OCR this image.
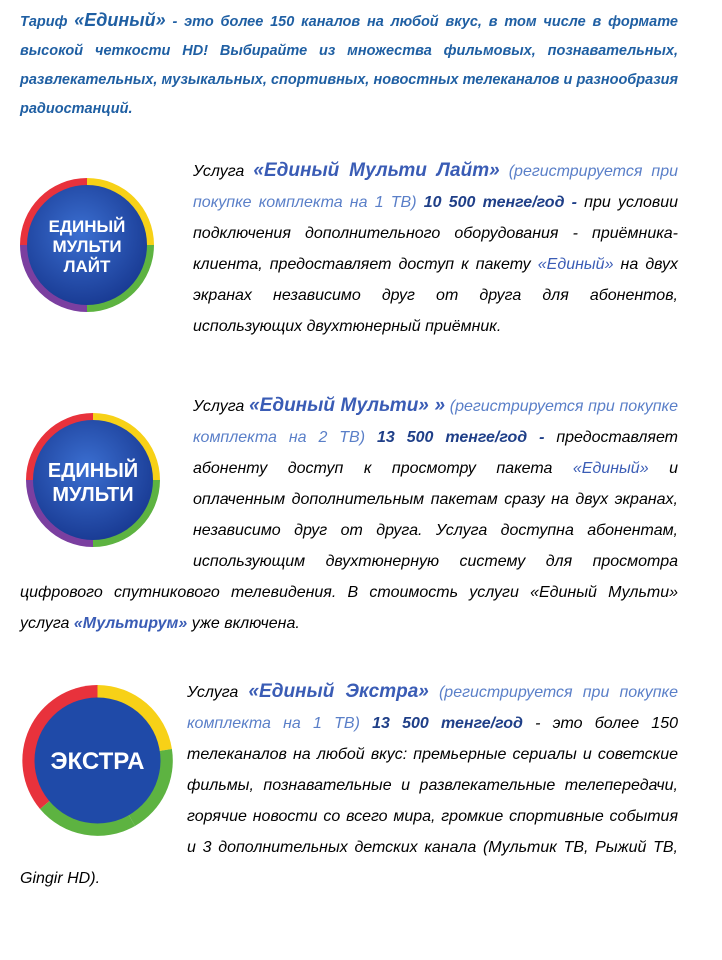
Тариф «Единый» - это более 150 каналов на любой вкус, в том числе в формате высокой четкости HD! Выбирайте из множества фильмовых, познавательных, развлекательных, музыкальных, спортивных, новостных телеканалов и разнообразия радиостанций.
ЕДИНЫЙ
МУЛЬТИ
ЛАЙТ
Услуга «Единый Мульти Лайт» (регистрируется при покупке комплекта на 1 ТВ) 10 500 тенге/год - при условии подключения дополнительного оборудования - приёмника-клиента, предоставляет доступ к пакету «Единый» на двух экранах независимо друг от друга для абонентов, использующих двухтюнерный приёмник.
ЕДИНЫЙ
МУЛЬТИ
Услуга «Единый Мульти» » (регистрируется при покупке комплекта на 2 ТВ) 13 500 тенге/год - предоставляет абоненту доступ к просмотру пакета «Единый» и оплаченным дополнительным пакетам сразу на двух экранах, независимо друг от друга. Услуга доступна абонентам, использующим двухтюнерную систему для просмотра цифрового спутникового телевидения. В стоимость услуги «Единый Мульти» услуга «Мультирум» уже включена.
ЭКСТРА
Услуга «Единый Экстра» (регистрируется при покупке комплекта на 1 ТВ) 13 500 тенге/год - это более 150 телеканалов на любой вкус: премьерные сериалы и советские фильмы, познавательные и развлекательные телепередачи, горячие новости со всего мира, громкие спортивные события и 3 дополнительных детских канала (Мультик ТВ, Рыжий ТВ, Gingir HD).
